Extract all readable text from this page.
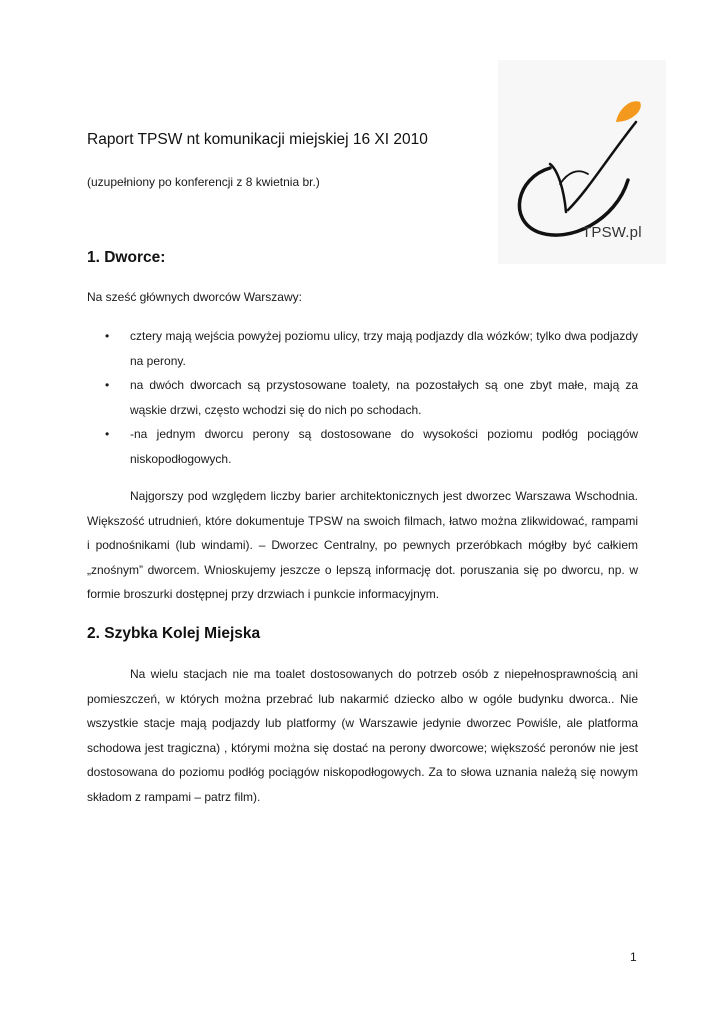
TPSW.pl
Raport TPSW nt komunikacji miejskiej 16 XI 2010

(uzupełniony po konferencji z 8 kwietnia br.)

1. Dworce:

Na sześć głównych dworców Warszawy:

• cztery mają wejścia powyżej poziomu ulicy, trzy mają podjazdy dla wózków; tylko dwa podjazdy na perony.
• na dwóch dworcach są przystosowane toalety, na pozostałych są one zbyt małe, mają za wąskie drzwi, często wchodzi się do nich po schodach.
• -na jednym dworcu perony są dostosowane do wysokości poziomu podłóg pociągów niskopodłogowych.

Najgorszy pod względem liczby barier architektonicznych jest dworzec Warszawa Wschodnia. Większość utrudnień, które dokumentuje TPSW na swoich filmach, łatwo można zlikwidować, rampami i podnośnikami (lub windami). – Dworzec Centralny, po pewnych przeróbkach mógłby być całkiem „znośnym” dworcem. Wnioskujemy jeszcze o lepszą informację dot. poruszania się po dworcu, np. w formie broszurki dostępnej przy drzwiach i punkcie informacyjnym.

2. Szybka Kolej Miejska

Na wielu stacjach nie ma toalet dostosowanych do potrzeb osób z niepełnosprawnością ani pomieszczeń, w których można przebrać lub nakarmić dziecko albo w ogóle budynku dworca.. Nie wszystkie stacje mają podjazdy lub platformy (w Warszawie jedynie dworzec Powiśle, ale platforma schodowa jest tragiczna) , którymi można się dostać na perony dworcowe; większość peronów nie jest dostosowana do poziomu podłóg pociągów niskopodłogowych. Za to słowa uznania należą się nowym składom z rampami – patrz film).

1
